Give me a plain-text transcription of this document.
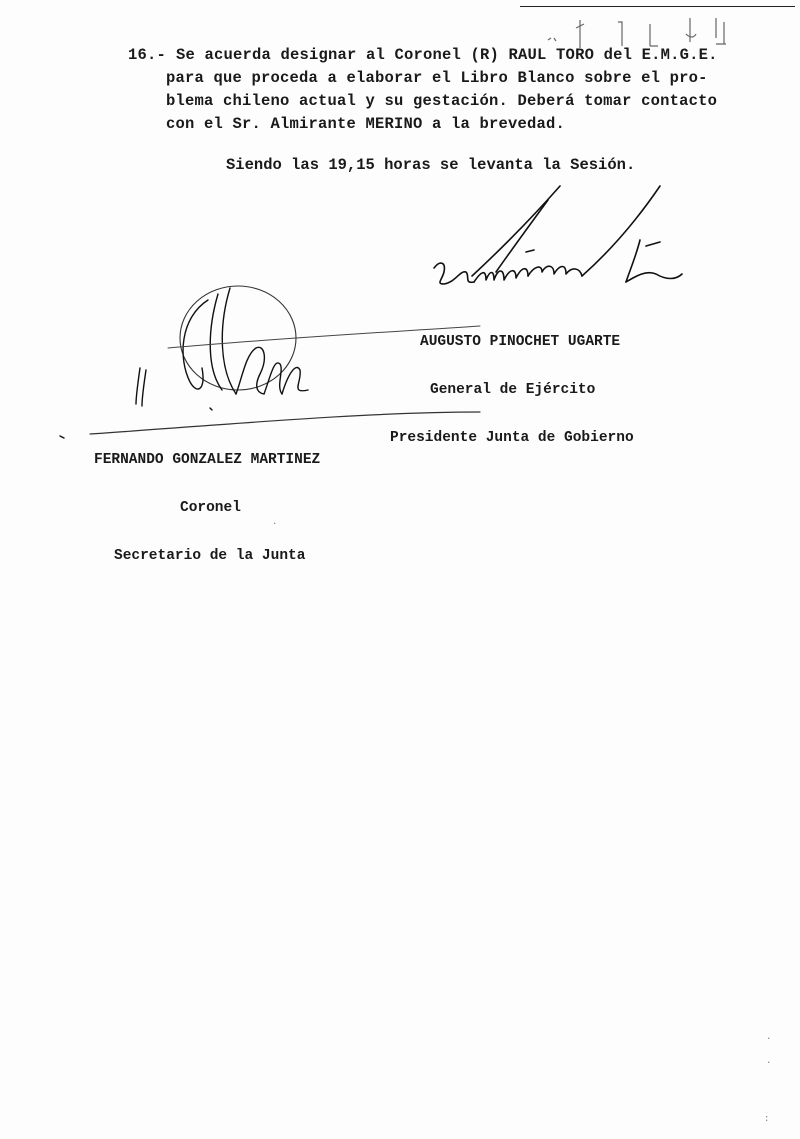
16.- Se acuerda designar al Coronel (R) RAUL TORO del E.M.G.E.
para que proceda a elaborar el Libro Blanco sobre el pro-
blema chileno actual y su gestación. Deberá tomar contacto
con el Sr. Almirante MERINO a la brevedad.
Siendo las 19,15 horas se levanta la Sesión.

AUGUSTO PINOCHET UGARTE

General de Ejército

Presidente Junta de Gobierno

FERNANDO GONZALEZ MARTINEZ

Coronel

Secretario de la Junta

·
·
·
:
